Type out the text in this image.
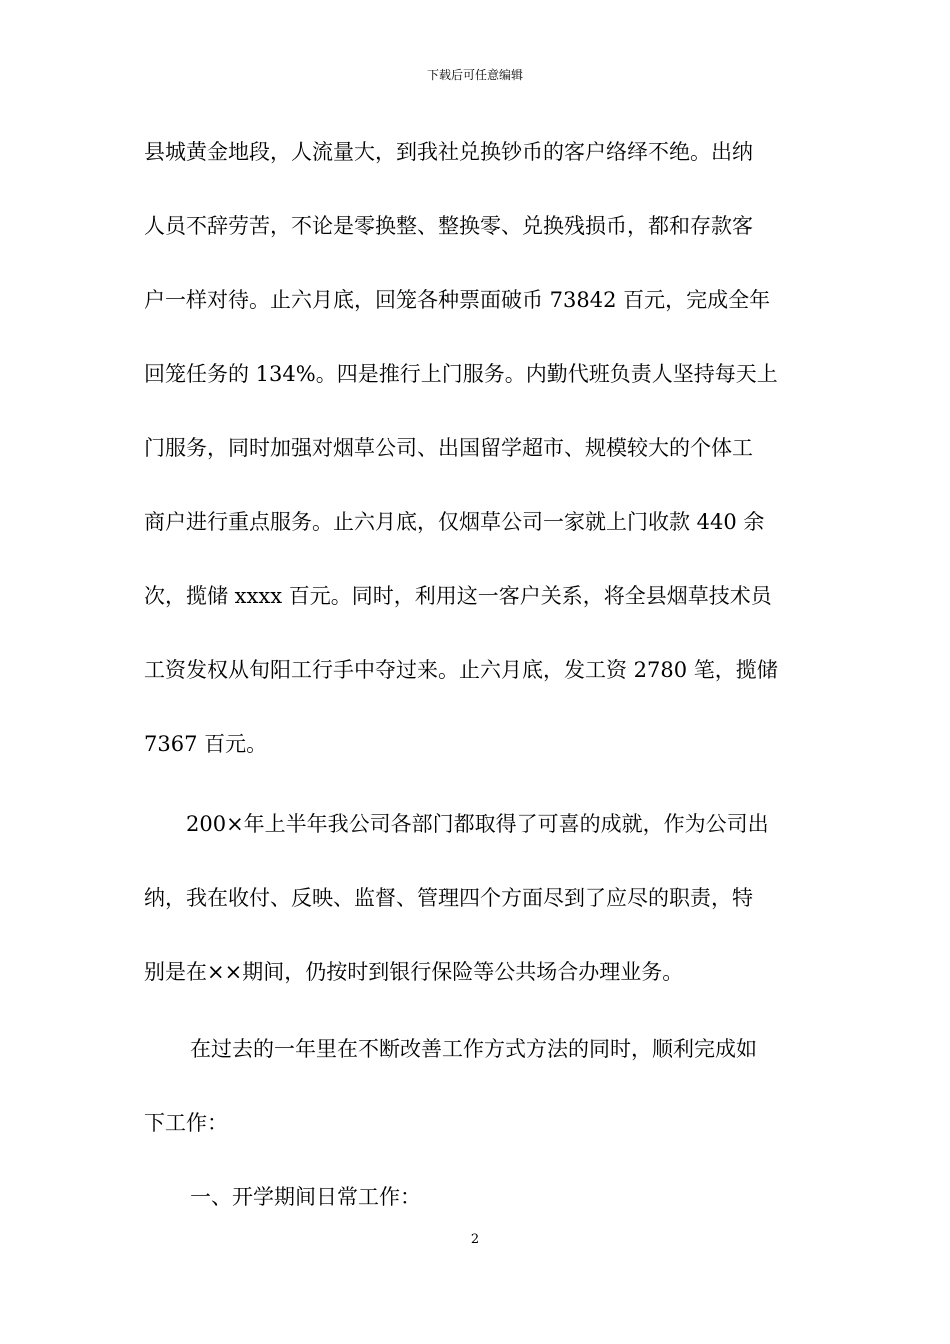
下载后可任意编辑
县城黄金地段，人流量大，到我社兑换钞币的客户络绎不绝。出纳
人员不辞劳苦，不论是零换整、整换零、兑换残损币，都和存款客
户一样对待。止六月底，回笼各种票面破币 73842 百元，完成全年
回笼任务的 134%。四是推行上门服务。内勤代班负责人坚持每天上
门服务，同时加强对烟草公司、出国留学超市、规模较大的个体工
商户进行重点服务。止六月底，仅烟草公司一家就上门收款 440 余
次，揽储 xxxx 百元。同时，利用这一客户关系，将全县烟草技术员
工资发权从旬阳工行手中夺过来。止六月底，发工资 2780 笔，揽储
7367 百元。
200×年上半年我公司各部门都取得了可喜的成就，作为公司出
纳，我在收付、反映、监督、管理四个方面尽到了应尽的职责，特
别是在××期间，仍按时到银行保险等公共场合办理业务。
在过去的一年里在不断改善工作方式方法的同时，顺利完成如
下工作：
一、开学期间日常工作：
2
